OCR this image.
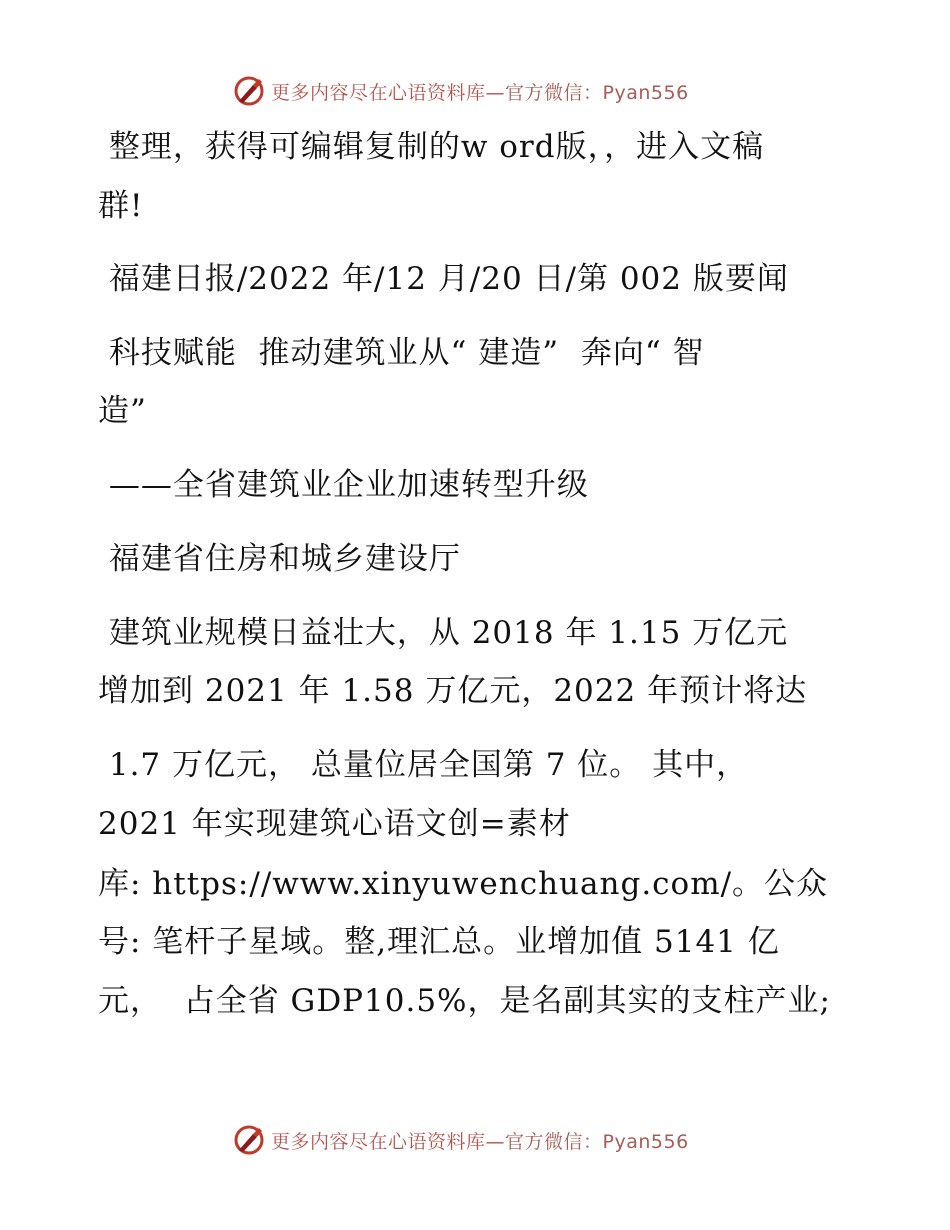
更多内容尽在心语资料库—官方微信：Pyan556
整理，获得可编辑复制的w ord版，，进入文稿
群!
福建日报/2022 年/12 月/20 日/第 002 版要闻
科技赋能  推动建筑业从“ 建造”  奔向“ 智
造”
——全省建筑业企业加速转型升级
福建省住房和城乡建设厅
建筑业规模日益壮大，从 2018 年 1.15 万亿元
增加到 2021 年 1.58 万亿元，2022 年预计将达
1.7 万亿元， 总量位居全国第 7 位。 其中，
2021 年实现建筑心语文创=素材
库: https://www.xinyuwenchuang.com/。公众
号: 笔杆子星域。整,理汇总。业增加值 5141 亿
元，  占全省 GDP10.5%，是名副其实的支柱产业;
更多内容尽在心语资料库—官方微信：Pyan556
